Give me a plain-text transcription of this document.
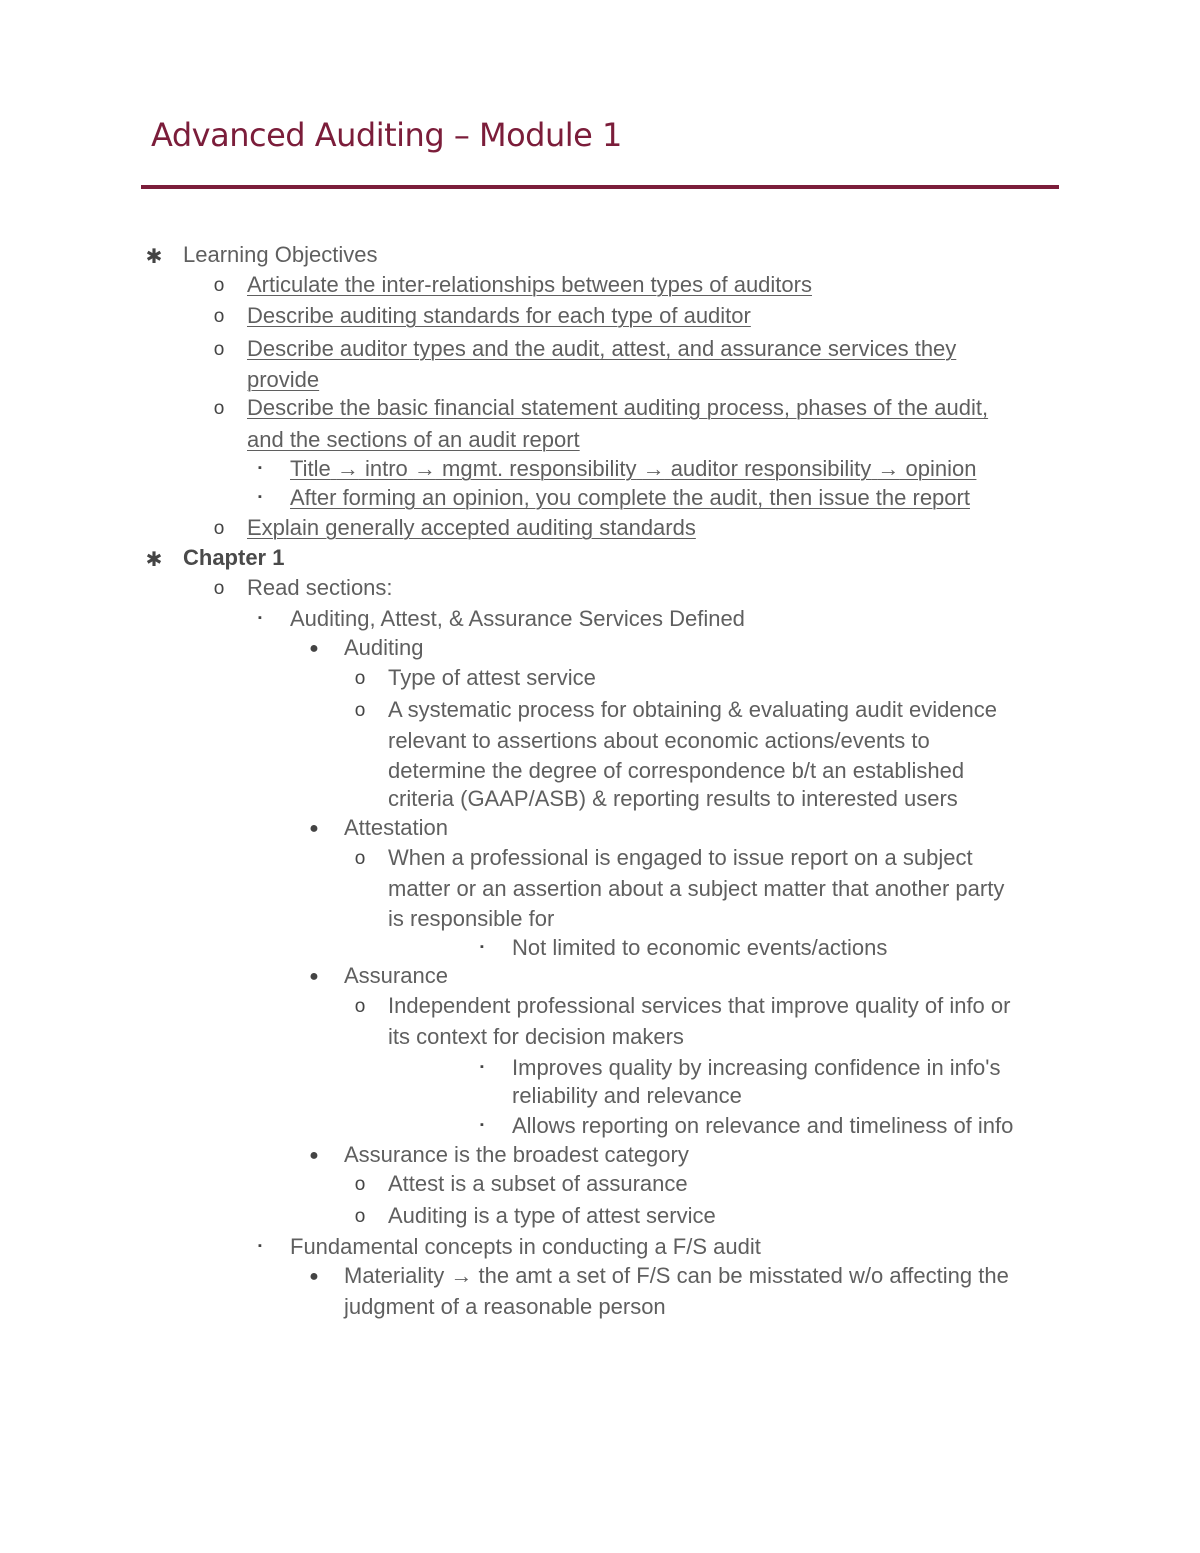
Advanced Auditing – Module 1
✱ Learning Objectives
o Articulate the inter-relationships between types of auditors
o Describe auditing standards for each type of auditor
o Describe auditor types and the audit, attest, and assurance services they
provide
o Describe the basic financial statement auditing process, phases of the audit,
and the sections of an audit report
▪	Title → intro → mgmt. responsibility → auditor responsibility → opinion
▪	After forming an opinion, you complete the audit, then issue the report
o Explain generally accepted auditing standards
✱ Chapter 1
o Read sections:
▪	Auditing, Attest, & Assurance Services Defined
● Auditing
o Type of attest service
o A systematic process for obtaining & evaluating audit evidence
relevant to assertions about economic actions/events to
determine the degree of correspondence b/t an established
criteria (GAAP/ASB) & reporting results to interested users
● Attestation
o When a professional is engaged to issue report on a subject
matter or an assertion about a subject matter that another party
is responsible for
▪	Not limited to economic events/actions
● Assurance
o Independent professional services that improve quality of info or
its context for decision makers
▪	Improves quality by increasing confidence in info's
reliability and relevance
▪	Allows reporting on relevance and timeliness of info
● Assurance is the broadest category
o Attest is a subset of assurance
o Auditing is a type of attest service
▪	Fundamental concepts in conducting a F/S audit
● Materiality → the amt a set of F/S can be misstated w/o affecting the
judgment of a reasonable person
